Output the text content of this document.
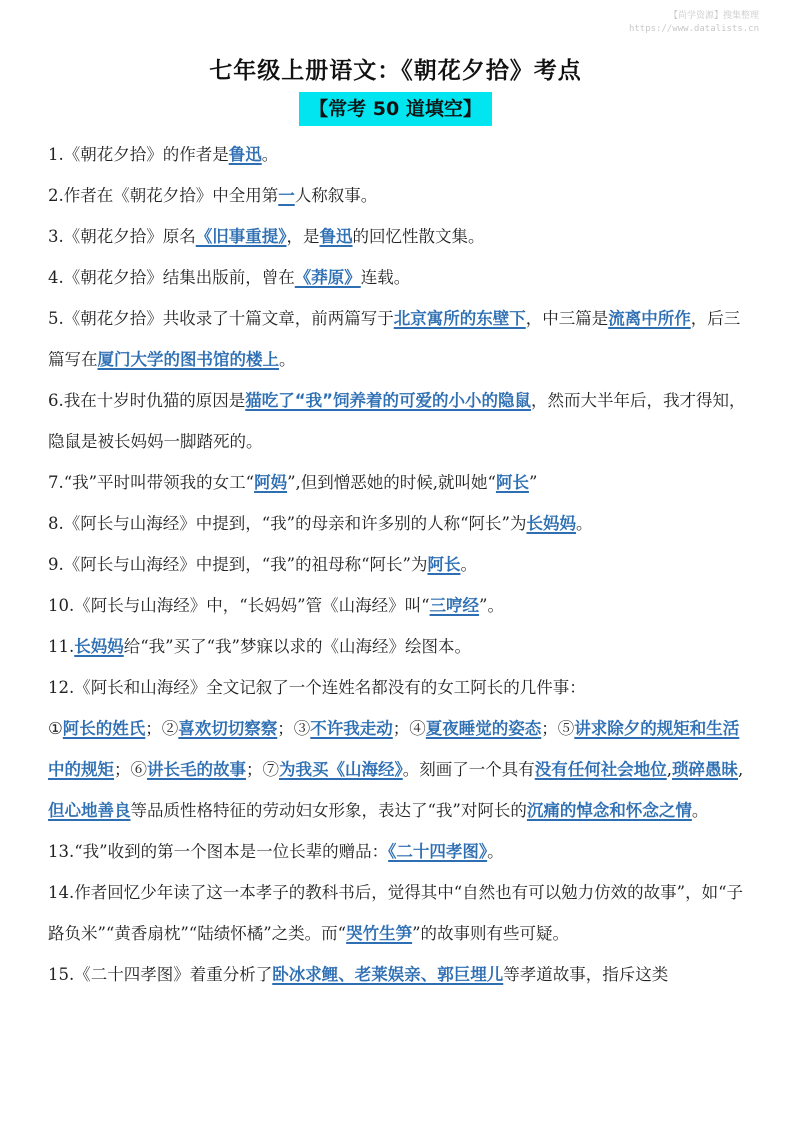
【尚学资源】搜集整理
https://www.datalists.cn
七年级上册语文：《朝花夕拾》考点
【常考 50 道填空】

1.《朝花夕拾》的作者是鲁迅。

2.作者在《朝花夕拾》中全用第一人称叙事。

3.《朝花夕拾》原名《旧事重提》，是鲁迅的回忆性散文集。

4.《朝花夕拾》结集出版前，曾在《莽原》连载。

5.《朝花夕拾》共收录了十篇文章，前两篇写于北京寓所的东壁下，中三篇是流离中所作，后三篇写在厦门大学的图书馆的楼上。

6.我在十岁时仇猫的原因是猫吃了“我”饲养着的可爱的小小的隐鼠，然而大半年后，我才得知，隐鼠是被长妈妈一脚踏死的。

7.“我”平时叫带领我的女工“阿妈”,但到憎恶她的时候,就叫她“阿长”

8.《阿长与山海经》中提到，“我”的母亲和许多别的人称“阿长”为长妈妈。

9.《阿长与山海经》中提到，“我”的祖母称“阿长”为阿长。

10.《阿长与山海经》中，“长妈妈”管《山海经》叫“三哼经”。

11.长妈妈给“我”买了“我”梦寐以求的《山海经》绘图本。

12.《阿长和山海经》全文记叙了一个连姓名都没有的女工阿长的几件事：

①阿长的姓氏；②喜欢切切察察；③不许我走动；④夏夜睡觉的姿态；⑤讲求除夕的规矩和生活中的规矩；⑥讲长毛的故事；⑦为我买《山海经》。刻画了一个具有没有任何社会地位,琐碎愚昧,但心地善良等品质性格特征的劳动妇女形象，表达了“我”对阿长的沉痛的悼念和怀念之情。

13.“我”收到的第一个图本是一位长辈的赠品：《二十四孝图》。

14.作者回忆少年读了这一本孝子的教科书后，觉得其中“自然也有可以勉力仿效的故事”，如“子路负米”“黄香扇枕”“陆绩怀橘”之类。而“哭竹生笋”的故事则有些可疑。

15.《二十四孝图》着重分析了卧冰求鲤、老莱娱亲、郭巨埋儿等孝道故事，指斥这类
